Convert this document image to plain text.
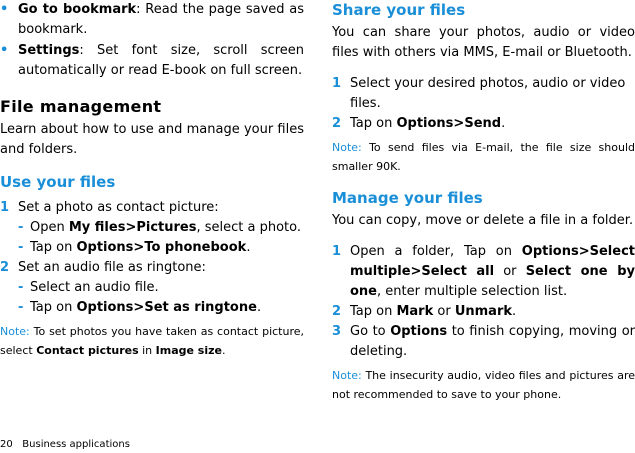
• Go to bookmark: Read the page saved as bookmark.
• Settings: Set font size, scroll screen automatically or read E-book on full screen.
File management

Learn about how to use and manage your files and folders.

Use your files
1 Set a photo as contact picture:
- Open My files>Pictures, select a photo.
- Tap on Options>To phonebook.
2 Set an audio file as ringtone:
- Select an audio file.
- Tap on Options>Set as ringtone.

Note: To set photos you have taken as contact picture, select Contact pictures in Image size.

Share your files

You can share your photos, audio or video files with others via MMS, E-mail or Bluetooth.

1 Select your desired photos, audio or video files.
2 Tap on Options>Send.

Note: To send files via E-mail, the file size should smaller 90K.

Manage your files

You can copy, move or delete a file in a folder.

1 Open a folder, Tap on Options>Select multiple>Select all or Select one by one, enter multiple selection list.
2 Tap on Mark or Unmark.
3 Go to Options to finish copying, moving or deleting.

Note: The insecurity audio, video files and pictures are not recommended to save to your phone.

20 Business applications
